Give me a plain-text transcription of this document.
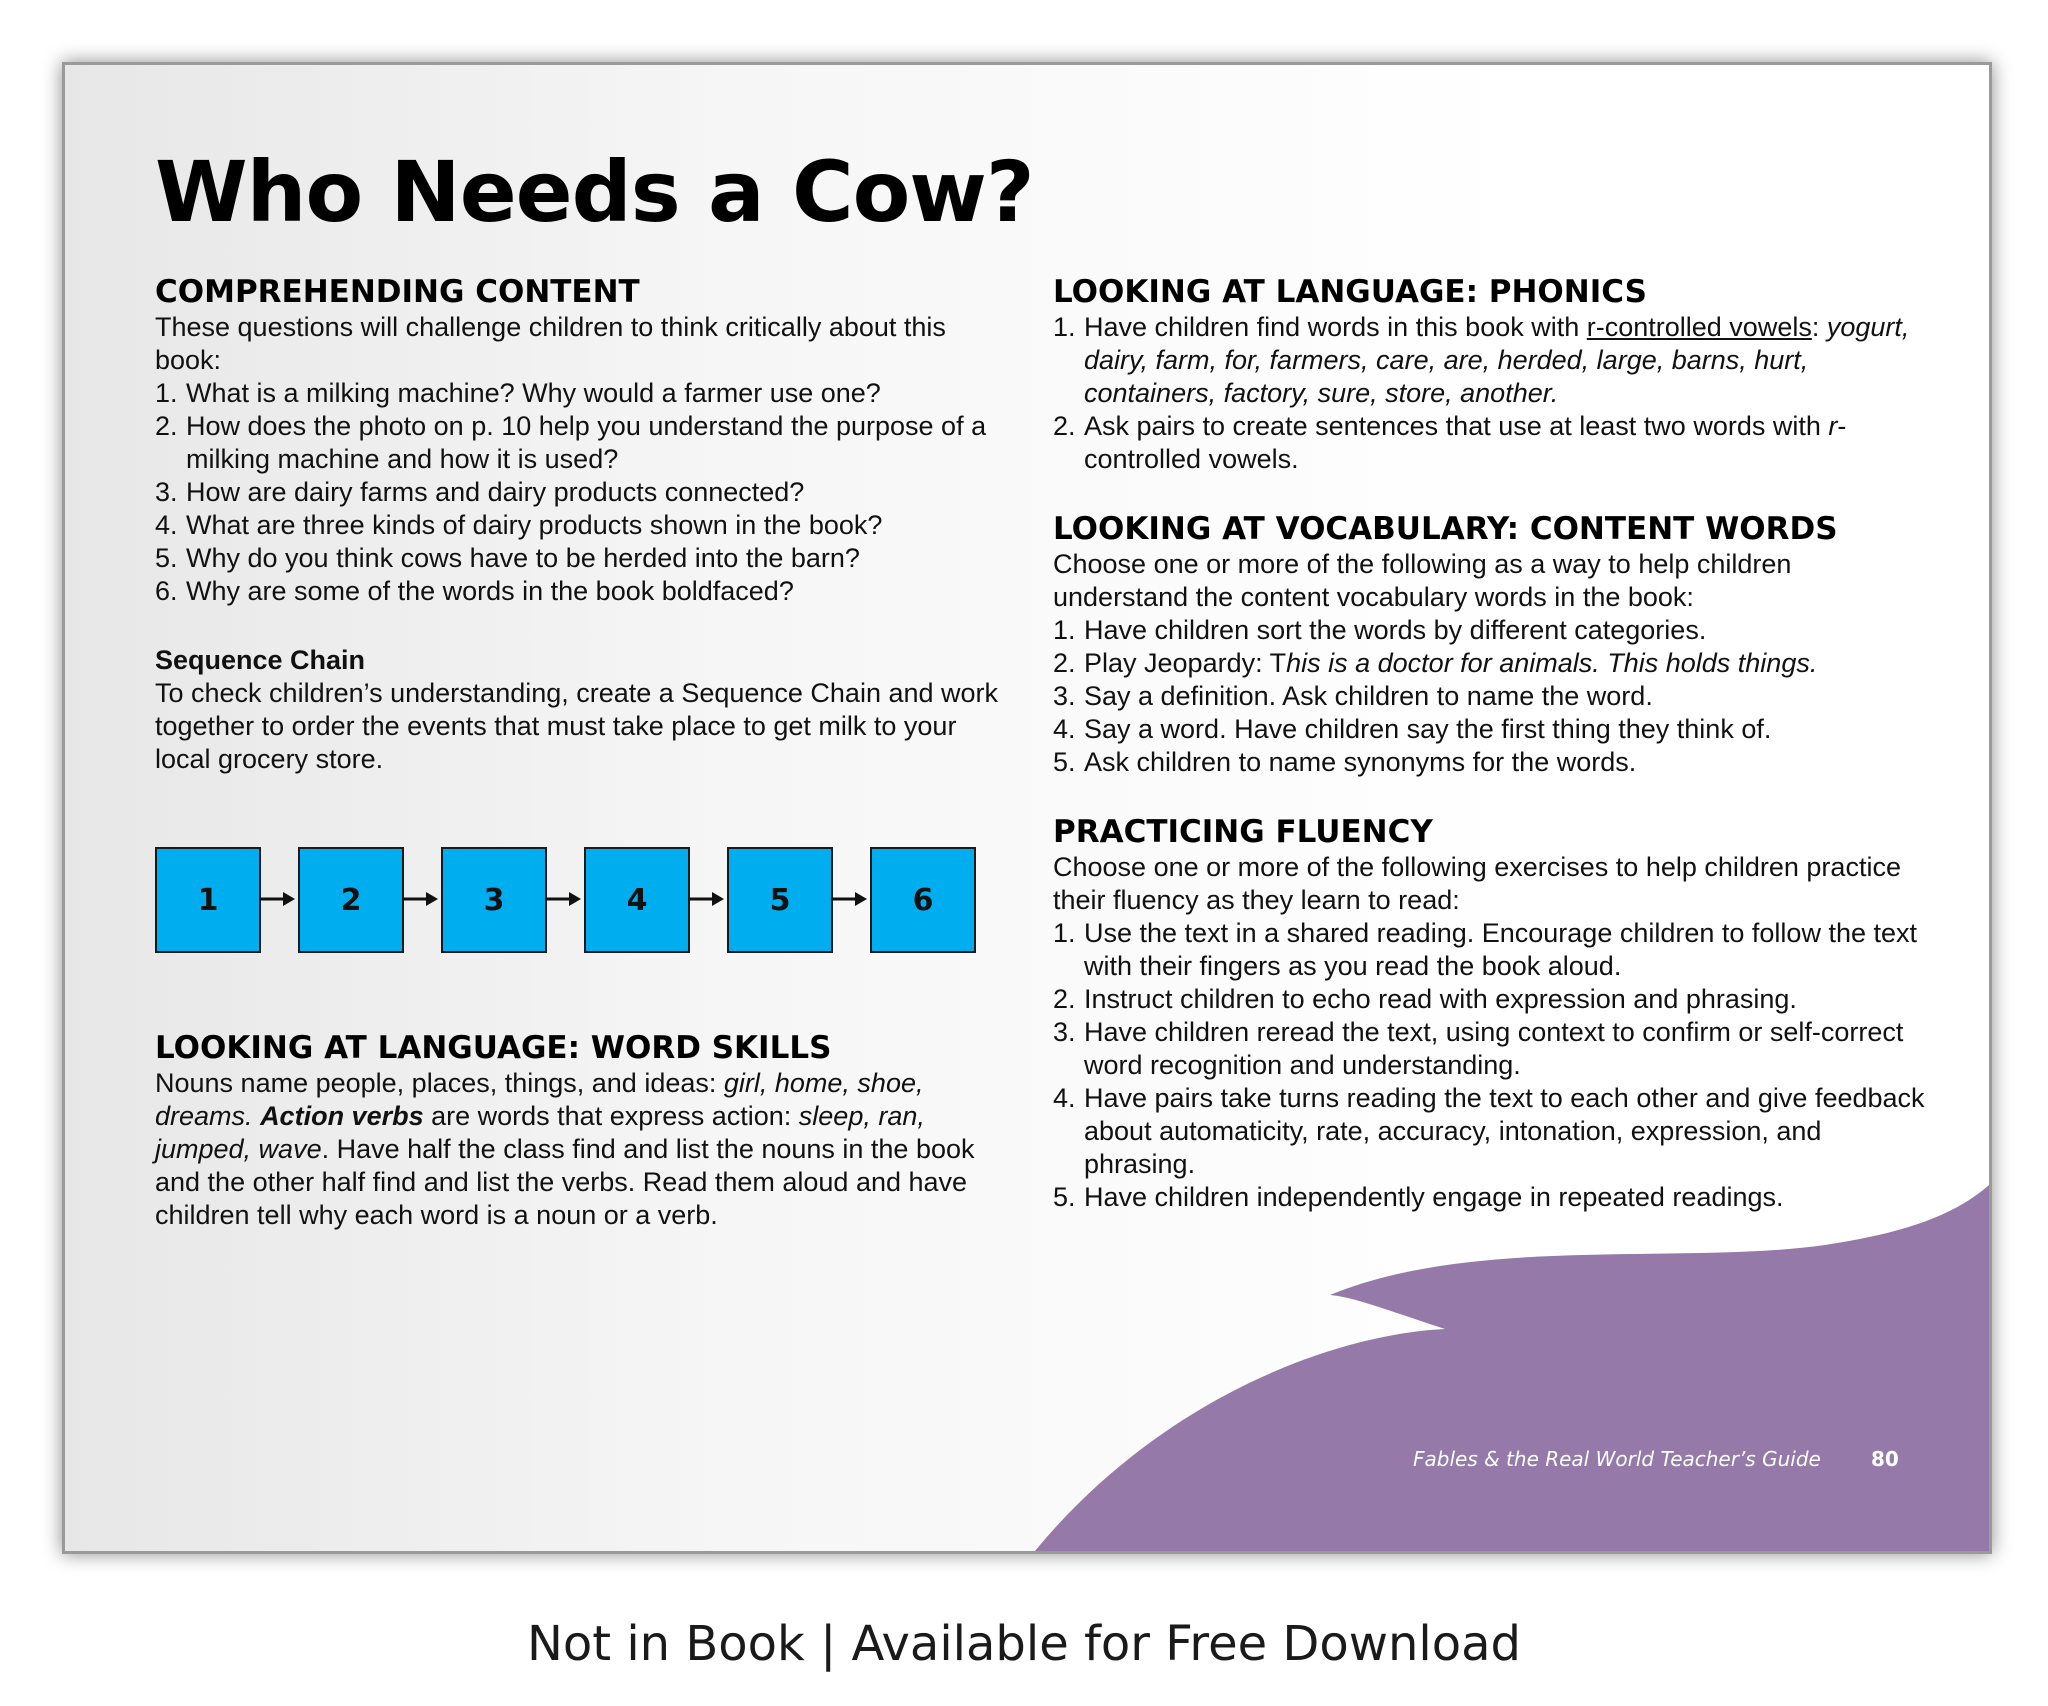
Who Needs a Cow?
COMPREHENDING CONTENT

These questions will challenge children to think critically about this book:

1. What is a milking machine? Why would a farmer use one?
2. How does the photo on p. 10 help you understand the purpose of a milking machine and how it is used?
3. How are dairy farms and dairy products connected?
4. What are three kinds of dairy products shown in the book?
5. Why do you think cows have to be herded into the barn?
6. Why are some of the words in the book boldfaced?
Sequence Chain

To check children’s understanding, create a Sequence Chain and work together to order the events that must take place to get milk to your local grocery store.

1	2	3	4	5	6
LOOKING AT LANGUAGE: WORD SKILLS

Nouns name people, places, things, and ideas: girl, home, shoe, dreams. Action verbs are words that express action: sleep, ran, jumped, wave. Have half the class find and list the nouns in the book and the other half find and list the verbs. Read them aloud and have children tell why each word is a noun or a verb.

LOOKING AT LANGUAGE: PHONICS
1. Have children find words in this book with r-controlled vowels: yogurt, dairy, farm, for, farmers, care, are, herded, large, barns, hurt, containers, factory, sure, store, another.
2. Ask pairs to create sentences that use at least two words with r-controlled vowels.
LOOKING AT VOCABULARY: CONTENT WORDS

Choose one or more of the following as a way to help children understand the content vocabulary words in the book:

1. Have children sort the words by different categories.
2. Play Jeopardy: This is a doctor for animals. This holds things.
3. Say a definition. Ask children to name the word.
4. Say a word. Have children say the first thing they think of.
5. Ask children to name synonyms for the words.
PRACTICING FLUENCY

Choose one or more of the following exercises to help children practice their fluency as they learn to read:

1. Use the text in a shared reading. Encourage children to follow the text with their fingers as you read the book aloud.
2. Instruct children to echo read with expression and phrasing.
3. Have children reread the text, using context to confirm or self-correct word recognition and understanding.
4. Have pairs take turns reading the text to each other and give feedback about automaticity, rate, accuracy, intonation, expression, and phrasing.
5. Have children independently engage in repeated readings.
Fables & the Real World Teacher’s Guide	80
Not in Book | Available for Free Download
